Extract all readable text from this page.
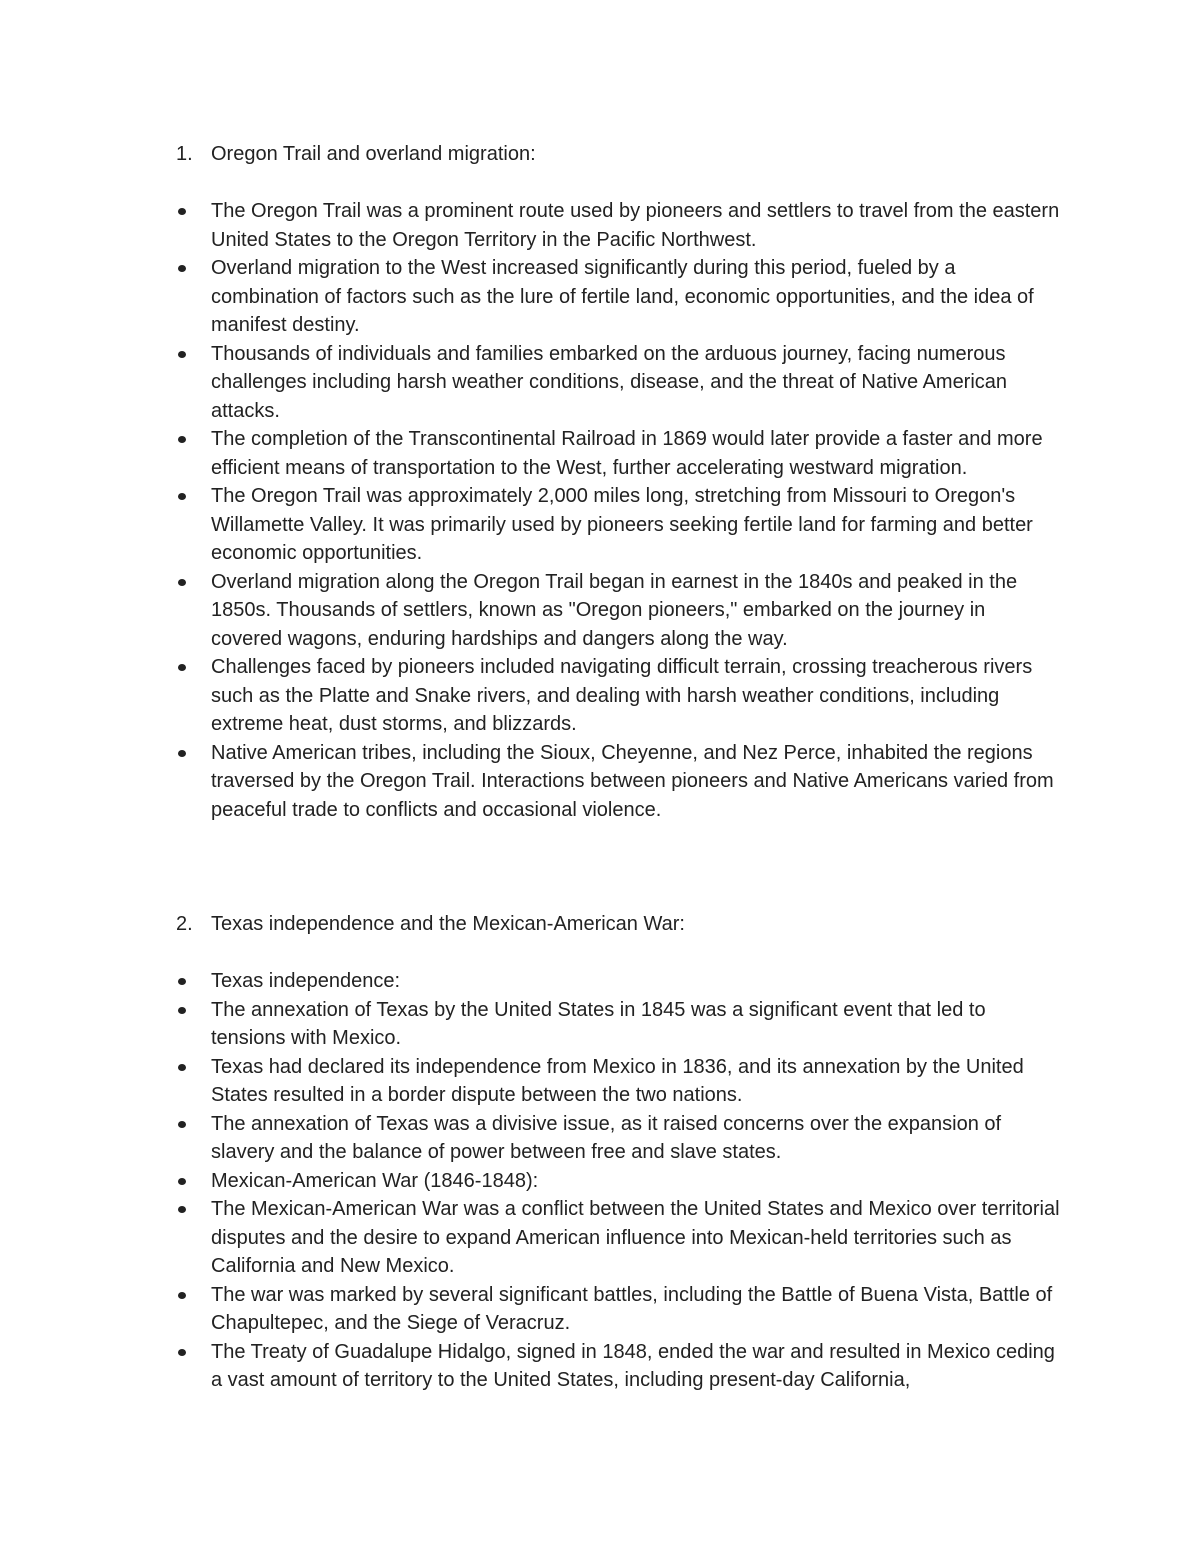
1. Oregon Trail and overland migration:
The Oregon Trail was a prominent route used by pioneers and settlers to travel from the eastern United States to the Oregon Territory in the Pacific Northwest.
Overland migration to the West increased significantly during this period, fueled by a combination of factors such as the lure of fertile land, economic opportunities, and the idea of manifest destiny.
Thousands of individuals and families embarked on the arduous journey, facing numerous challenges including harsh weather conditions, disease, and the threat of Native American attacks.
The completion of the Transcontinental Railroad in 1869 would later provide a faster and more efficient means of transportation to the West, further accelerating westward migration.
The Oregon Trail was approximately 2,000 miles long, stretching from Missouri to Oregon's Willamette Valley. It was primarily used by pioneers seeking fertile land for farming and better economic opportunities.
Overland migration along the Oregon Trail began in earnest in the 1840s and peaked in the 1850s. Thousands of settlers, known as "Oregon pioneers," embarked on the journey in covered wagons, enduring hardships and dangers along the way.
Challenges faced by pioneers included navigating difficult terrain, crossing treacherous rivers such as the Platte and Snake rivers, and dealing with harsh weather conditions, including extreme heat, dust storms, and blizzards.
Native American tribes, including the Sioux, Cheyenne, and Nez Perce, inhabited the regions traversed by the Oregon Trail. Interactions between pioneers and Native Americans varied from peaceful trade to conflicts and occasional violence.
2. Texas independence and the Mexican-American War:
Texas independence:
The annexation of Texas by the United States in 1845 was a significant event that led to tensions with Mexico.
Texas had declared its independence from Mexico in 1836, and its annexation by the United States resulted in a border dispute between the two nations.
The annexation of Texas was a divisive issue, as it raised concerns over the expansion of slavery and the balance of power between free and slave states.
Mexican-American War (1846-1848):
The Mexican-American War was a conflict between the United States and Mexico over territorial disputes and the desire to expand American influence into Mexican-held territories such as California and New Mexico.
The war was marked by several significant battles, including the Battle of Buena Vista, Battle of Chapultepec, and the Siege of Veracruz.
The Treaty of Guadalupe Hidalgo, signed in 1848, ended the war and resulted in Mexico ceding a vast amount of territory to the United States, including present-day California,
